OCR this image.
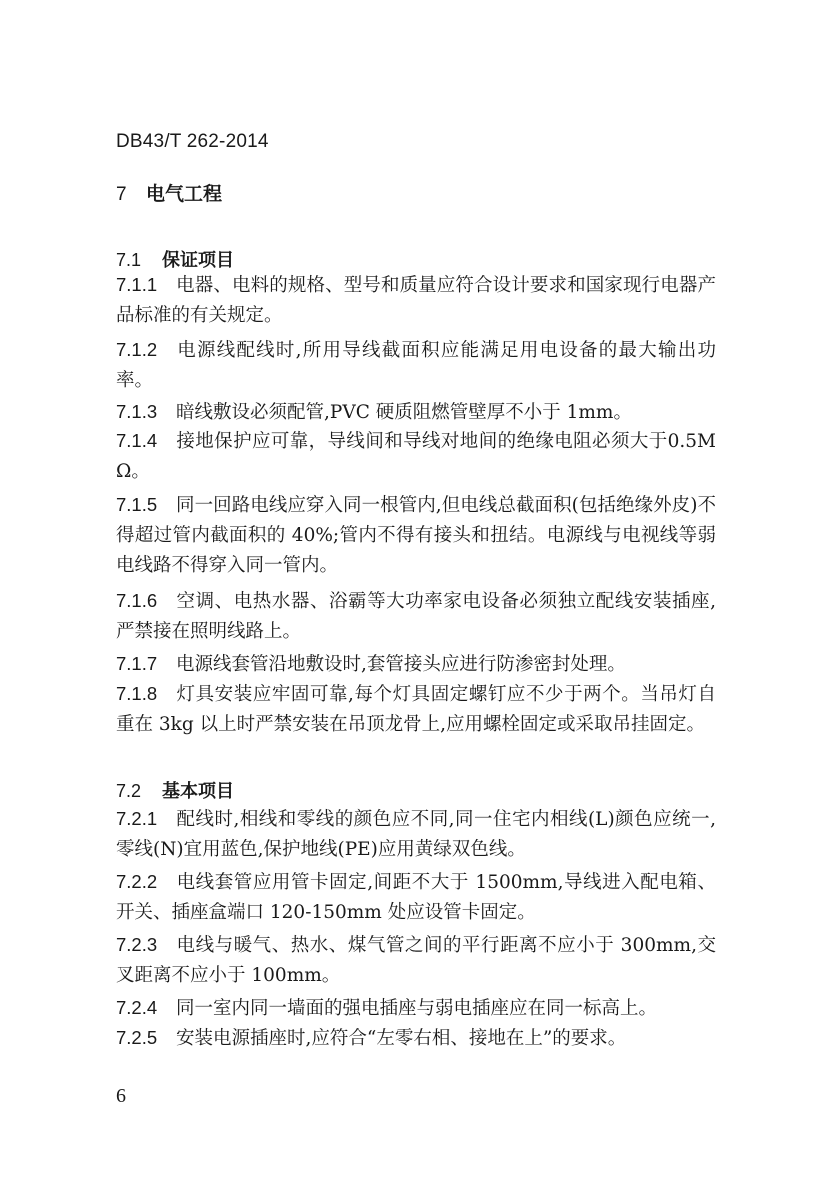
DB43/T 262-2014
7 电气工程
7.1 保证项目
7.1.1 电器、电料的规格、型号和质量应符合设计要求和国家现行电器产品标准的有关规定。
7.1.2 电源线配线时,所用导线截面积应能满足用电设备的最大输出功率。
7.1.3 暗线敷设必须配管,PVC 硬质阻燃管壁厚不小于 1mm。
7.1.4 接地保护应可靠，导线间和导线对地间的绝缘电阻必须大于0.5MΩ。
7.1.5 同一回路电线应穿入同一根管内,但电线总截面积(包括绝缘外皮)不得超过管内截面积的 40%;管内不得有接头和扭结。电源线与电视线等弱电线路不得穿入同一管内。
7.1.6 空调、电热水器、浴霸等大功率家电设备必须独立配线安装插座,严禁接在照明线路上。
7.1.7 电源线套管沿地敷设时,套管接头应进行防渗密封处理。
7.1.8 灯具安装应牢固可靠,每个灯具固定螺钉应不少于两个。当吊灯自重在 3kg 以上时严禁安装在吊顶龙骨上,应用螺栓固定或采取吊挂固定。
7.2 基本项目
7.2.1 配线时,相线和零线的颜色应不同,同一住宅内相线(L)颜色应统一,零线(N)宜用蓝色,保护地线(PE)应用黄绿双色线。
7.2.2 电线套管应用管卡固定,间距不大于 1500mm,导线进入配电箱、开关、插座盒端口 120-150mm 处应设管卡固定。
7.2.3 电线与暖气、热水、煤气管之间的平行距离不应小于 300mm,交叉距离不应小于 100mm。
7.2.4 同一室内同一墙面的强电插座与弱电插座应在同一标高上。
7.2.5 安装电源插座时,应符合“左零右相、接地在上”的要求。
6
